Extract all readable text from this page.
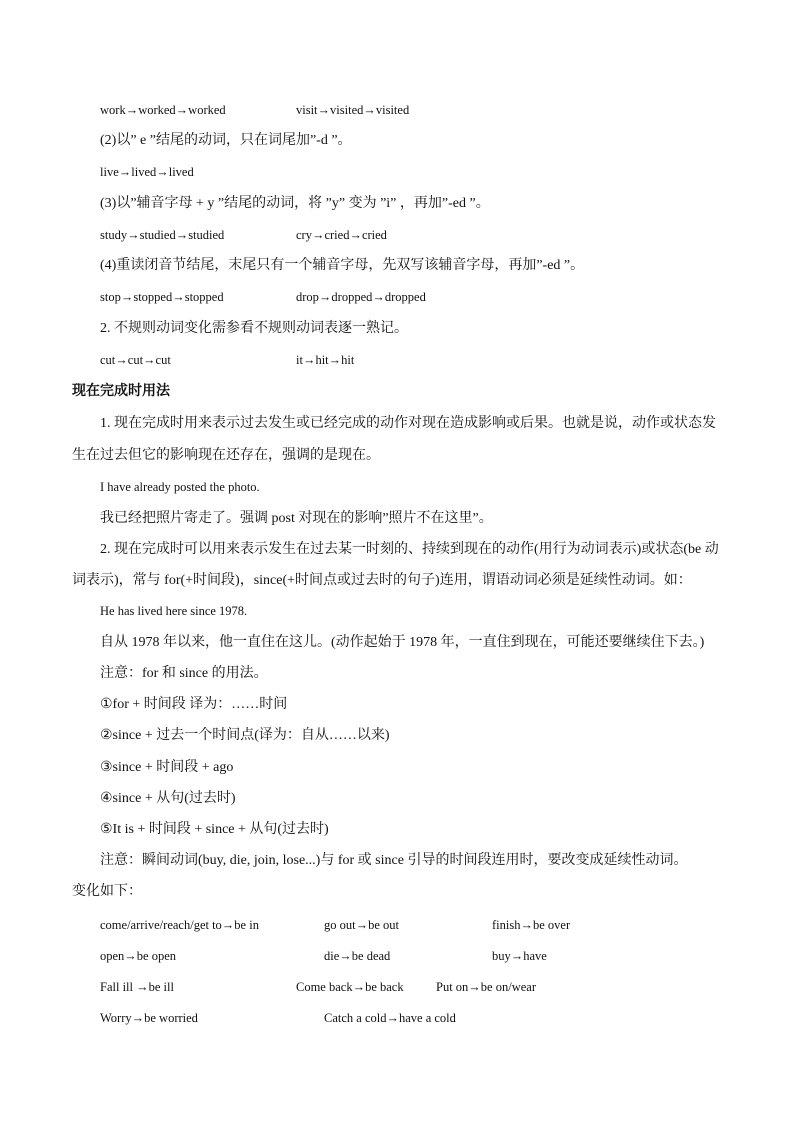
work→worked→worked	visit→visited→visited
(2)以” e ”结尾的动词，只在词尾加”-d ”。
live→lived→lived
(3)以”辅音字母 + y ”结尾的动词，将 ”y” 变为 ”i” ，再加”-ed ”。
study→studied→studied	cry→cried→cried
(4)重读闭音节结尾，末尾只有一个辅音字母，先双写该辅音字母，再加”-ed ”。
stop→stopped→stopped	drop→dropped→dropped
2. 不规则动词变化需参看不规则动词表逐一熟记。
cut→cut→cut	it→hit→hit
现在完成时用法
1. 现在完成时用来表示过去发生或已经完成的动作对现在造成影响或后果。也就是说，动作或状态发
生在过去但它的影响现在还存在，强调的是现在。
I have already posted the photo.
我已经把照片寄走了。强调 post 对现在的影响”照片不在这里”。
2. 现在完成时可以用来表示发生在过去某一时刻的、持续到现在的动作(用行为动词表示)或状态(be 动
词表示)，常与 for(+时间段)，since(+时间点或过去时的句子)连用，谓语动词必须是延续性动词。如：
He has lived here since 1978.
自从 1978 年以来，他一直住在这儿。(动作起始于 1978 年，一直住到现在，可能还要继续住下去。)
注意：for 和 since 的用法。
①for + 时间段 译为：……时间
②since + 过去一个时间点(译为：自从……以来)
③since + 时间段 + ago
④since + 从句(过去时)
⑤It is + 时间段 + since + 从句(过去时)
注意：瞬间动词(buy, die, join, lose...)与 for 或 since 引导的时间段连用时，要改变成延续性动词。
变化如下：
come/arrive/reach/get to→be in	go out→be out	finish→be over
open→be open	die→be dead	buy→have
Fall ill →be ill	Come back→be back	Put on→be on/wear
Worry→be worried	Catch a cold→have a cold
